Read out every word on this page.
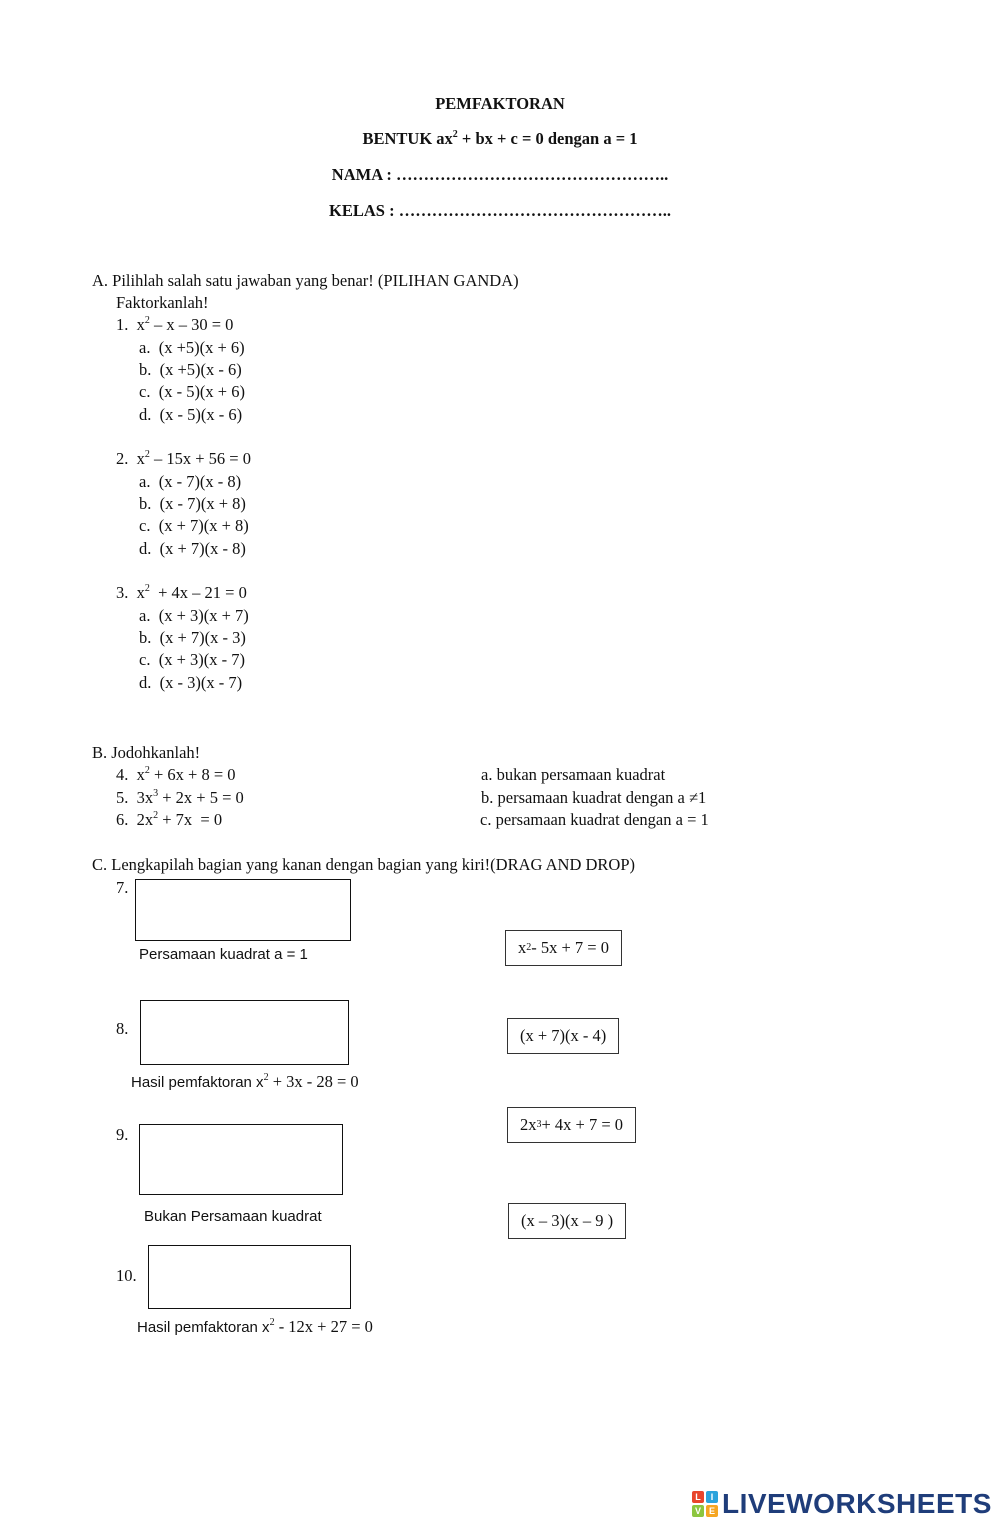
PEMFAKTORAN
BENTUK $ax^2$ + bx + c = 0 dengan a = 1
NAMA : …………………………………………..
KELAS : …………………………………………..
A. Pilihlah salah satu jawaban yang benar! (PILIHAN GANDA)
Faktorkanlah!
1. $x^2 - x - 30 = 0$
a. (x +5)(x + 6)
b. (x +5)(x - 6)
c. (x - 5)(x + 6)
d. (x - 5)(x - 6)
2. $x^2 - 15x + 56 = 0$
a. (x - 7)(x - 8)
b. (x - 7)(x + 8)
c. (x + 7)(x + 8)
d. (x + 7)(x - 8)
3. $x^2 + 4x - 21 = 0$
a. (x + 3)(x + 7)
b. (x + 7)(x - 3)
c. (x + 3)(x - 7)
d. (x - 3)(x - 7)
B. Jodohkanlah!
4. $x^2 + 6x + 8 = 0$
5. $3x^3 + 2x + 5 = 0$
6. $2x^2 + 7x = 0$
a. bukan persamaan kuadrat
b. persamaan kuadrat dengan a ≠1
c. persamaan kuadrat dengan a = 1
C. Lengkapilah bagian yang kanan dengan bagian yang kiri!(DRAG AND DROP)
7.
Persamaan kuadrat a = 1
8.
Hasil pemfaktoran $x^2 + 3x - 28 = 0$
9.
Bukan Persamaan kuadrat
10.
Hasil pemfaktoran $x^2 - 12x + 27 = 0$
x 2 - 5x + 7 = 0
(x + 7)(x - 4)
2x 3 + 4x + 7 = 0
(x – 3)(x – 9 )
L	I
V E LIVEWORKSHEETS
